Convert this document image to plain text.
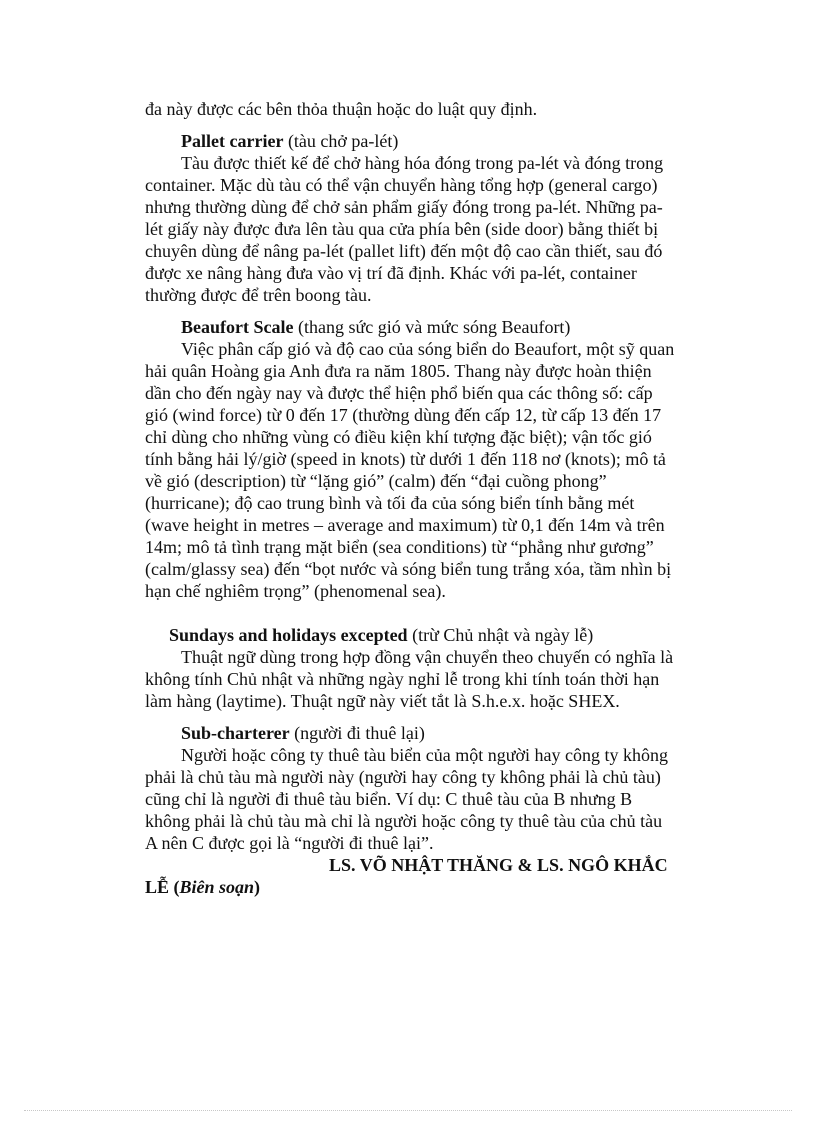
đa này được các bên thỏa thuận hoặc do luật quy định.

Pallet carrier (tàu chở pa-lét)

Tàu được thiết kế để chở hàng hóa đóng trong pa-lét và đóng trong container. Mặc dù tàu có thể vận chuyển hàng tổng hợp (general cargo) nhưng thường dùng để chở sản phẩm giấy đóng trong pa-lét. Những pa-lét giấy này được đưa lên tàu qua cửa phía bên (side door) bằng thiết bị chuyên dùng để nâng pa-lét (pallet lift) đến một độ cao cần thiết, sau đó được xe nâng hàng đưa vào vị trí đã định. Khác với pa-lét, container thường được để trên boong tàu.

Beaufort Scale (thang sức gió và mức sóng Beaufort)

Việc phân cấp gió và độ cao của sóng biển do Beaufort, một sỹ quan hải quân Hoàng gia Anh đưa ra năm 1805. Thang này được hoàn thiện dần cho đến ngày nay và được thể hiện phổ biến qua các thông số: cấp gió (wind force) từ 0 đến 17 (thường dùng đến cấp 12, từ cấp 13 đến 17 chỉ dùng cho những vùng có điều kiện khí tượng đặc biệt); vận tốc gió tính bằng hải lý/giờ (speed in knots) từ dưới 1 đến 118 nơ (knots); mô tả về gió (description) từ “lặng gió” (calm) đến “đại cuồng phong” (hurricane); độ cao trung bình và tối đa của sóng biển tính bằng mét (wave height in metres – average and maximum) từ 0,1 đến 14m và trên 14m; mô tả tình trạng mặt biển (sea conditions) từ “phẳng như gương” (calm/glassy sea) đến “bọt nước và sóng biển tung trắng xóa, tầm nhìn bị hạn chế nghiêm trọng” (phenomenal sea).

Sundays and holidays excepted (trừ Chủ nhật và ngày lễ)

Thuật ngữ dùng trong hợp đồng vận chuyển theo chuyến có nghĩa là không tính Chủ nhật và những ngày nghỉ lễ trong khi tính toán thời hạn làm hàng (laytime). Thuật ngữ này viết tắt là S.h.e.x. hoặc SHEX.

Sub-charterer (người đi thuê lại)

Người hoặc công ty thuê tàu biển của một người hay công ty không phải là chủ tàu mà người này (người hay công ty không phải là chủ tàu) cũng chỉ là người đi thuê tàu biển. Ví dụ: C thuê tàu của B nhưng B không phải là chủ tàu mà chỉ là người hoặc công ty thuê tàu của chủ tàu A nên C được gọi là “người đi thuê lại”.

LS. VÕ NHẬT THĂNG & LS. NGÔ KHẮC LỄ (Biên soạn)
